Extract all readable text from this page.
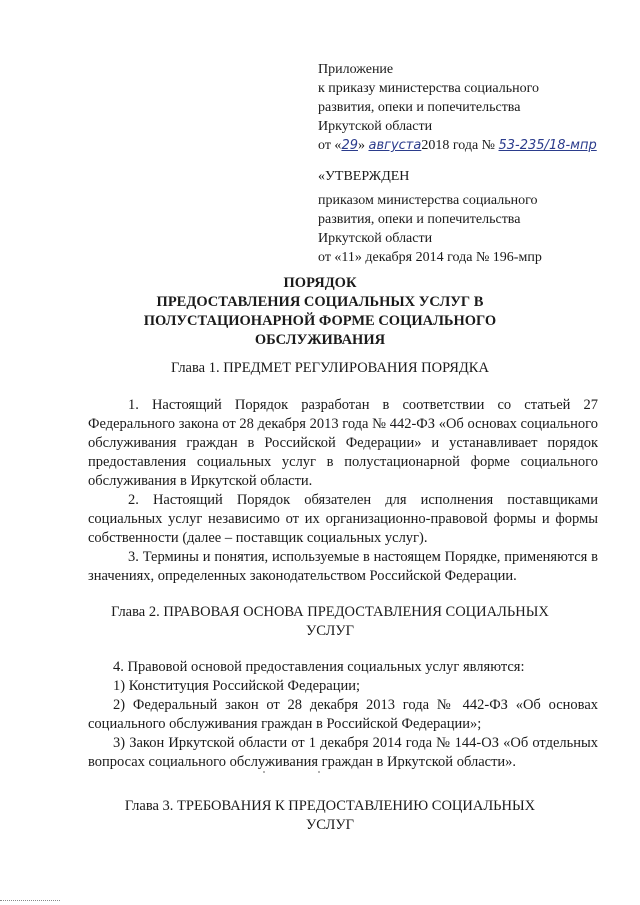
Приложение
к приказу министерства социального
развития, опеки и попечительства
Иркутской области
от «29» августа2018 года № 53-235/18-мпр
«УТВЕРЖДЕН
приказом министерства социального
развития, опеки и попечительства
Иркутской области
от «11» декабря 2014 года № 196-мпр
ПОРЯДОК
ПРЕДОСТАВЛЕНИЯ СОЦИАЛЬНЫХ УСЛУГ В
ПОЛУСТАЦИОНАРНОЙ ФОРМЕ СОЦИАЛЬНОГО
ОБСЛУЖИВАНИЯ
Глава 1. ПРЕДМЕТ РЕГУЛИРОВАНИЯ ПОРЯДКА
1. Настоящий Порядок разработан в соответствии со статьей 27 Федерального закона от 28 декабря 2013 года № 442-ФЗ «Об основах социального обслуживания граждан в Российской Федерации» и устанавливает порядок предоставления социальных услуг в полустационарной форме социального обслуживания в Иркутской области.
2. Настоящий Порядок обязателен для исполнения поставщиками социальных услуг независимо от их организационно-правовой формы и формы собственности (далее – поставщик социальных услуг).
3. Термины и понятия, используемые в настоящем Порядке, применяются в значениях, определенных законодательством Российской Федерации.
Глава 2. ПРАВОВАЯ ОСНОВА ПРЕДОСТАВЛЕНИЯ СОЦИАЛЬНЫХ
УСЛУГ
4. Правовой основой предоставления социальных услуг являются:
1) Конституция Российской Федерации;
2) Федеральный закон от 28 декабря 2013 года № 442-ФЗ «Об основах социального обслуживания граждан в Российской Федерации»;
3) Закон Иркутской области от 1 декабря 2014 года № 144-ОЗ «Об отдельных вопросах социального обслуживания граждан в Иркутской области».
Глава 3. ТРЕБОВАНИЯ К ПРЕДОСТАВЛЕНИЮ СОЦИАЛЬНЫХ
УСЛУГ
